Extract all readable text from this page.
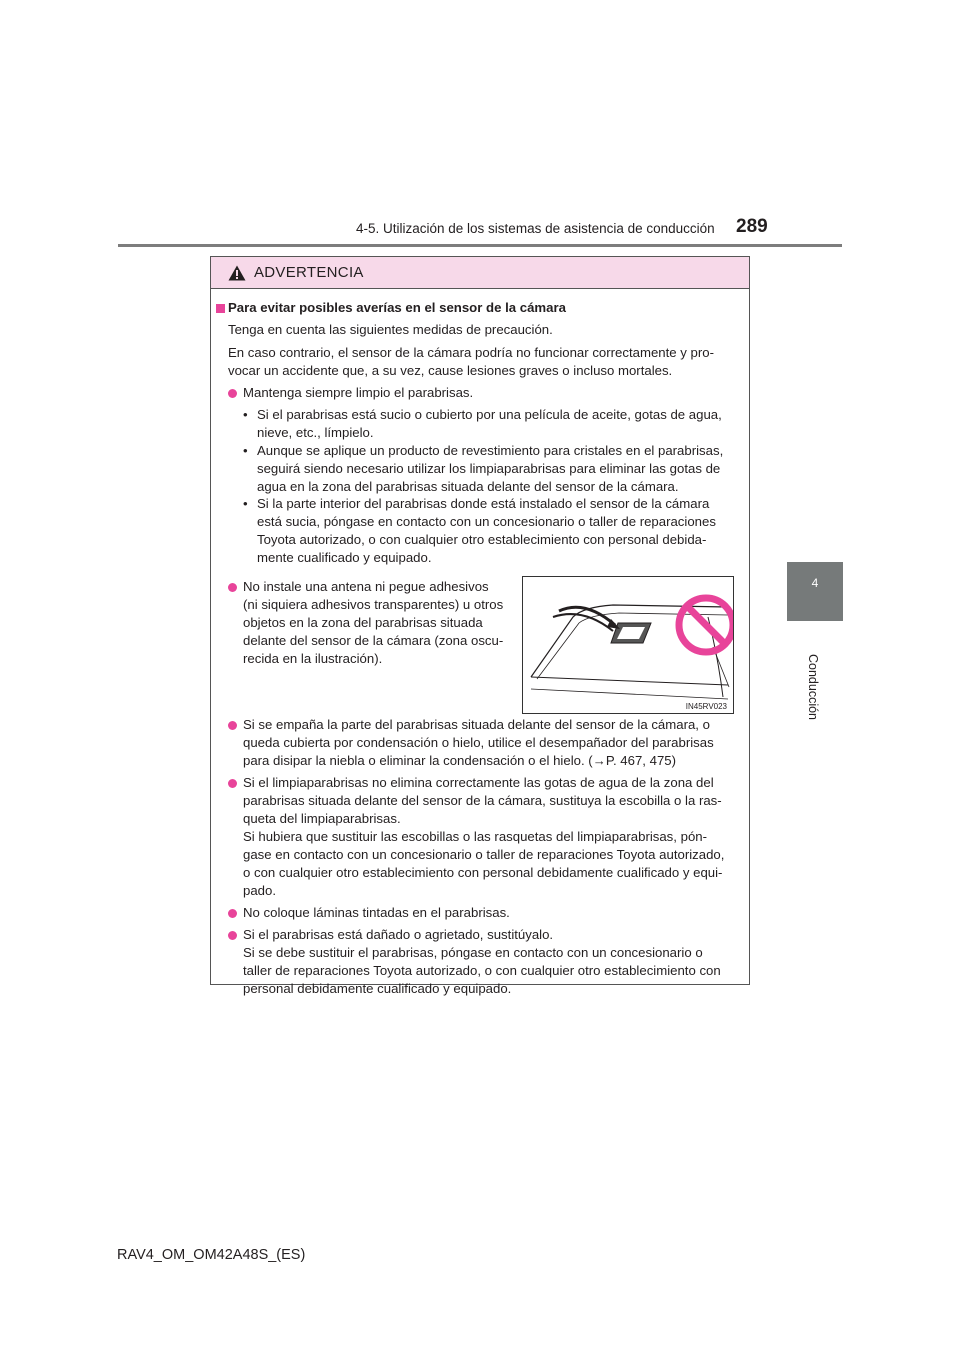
4-5. Utilización de los sistemas de asistencia de conducción 289
4
Conducción
ADVERTENCIA
Para evitar posibles averías en el sensor de la cámara
Tenga en cuenta las siguientes medidas de precaución.
En caso contrario, el sensor de la cámara podría no funcionar correctamente y pro-
vocar un accidente que, a su vez, cause lesiones graves o incluso mortales.
Mantenga siempre limpio el parabrisas.
• Si el parabrisas está sucio o cubierto por una película de aceite, gotas de agua,
nieve, etc., límpielo.
• Aunque se aplique un producto de revestimiento para cristales en el parabrisas,
seguirá siendo necesario utilizar los limpiaparabrisas para eliminar las gotas de
agua en la zona del parabrisas situada delante del sensor de la cámara.
• Si la parte interior del parabrisas donde está instalado el sensor de la cámara
está sucia, póngase en contacto con un concesionario o taller de reparaciones
Toyota autorizado, o con cualquier otro establecimiento con personal debida-
mente cualificado y equipado.
No instale una antena ni pegue adhesivos
(ni siquiera adhesivos transparentes) u otros
objetos en la zona del parabrisas situada
delante del sensor de la cámara (zona oscu-
recida en la ilustración).
IN45RV023
Si se empaña la parte del parabrisas situada delante del sensor de la cámara, o
queda cubierta por condensación o hielo, utilice el desempañador del parabrisas
para disipar la niebla o eliminar la condensación o el hielo. (→P. 467, 475)
Si el limpiaparabrisas no elimina correctamente las gotas de agua de la zona del
parabrisas situada delante del sensor de la cámara, sustituya la escobilla o la ras-
queta del limpiaparabrisas.
Si hubiera que sustituir las escobillas o las rasquetas del limpiaparabrisas, pón-
gase en contacto con un concesionario o taller de reparaciones Toyota autorizado,
o con cualquier otro establecimiento con personal debidamente cualificado y equi-
pado.
No coloque láminas tintadas en el parabrisas.
Si el parabrisas está dañado o agrietado, sustitúyalo.
Si se debe sustituir el parabrisas, póngase en contacto con un concesionario o
taller de reparaciones Toyota autorizado, o con cualquier otro establecimiento con
personal debidamente cualificado y equipado.
RAV4_OM_OM42A48S_(ES)
